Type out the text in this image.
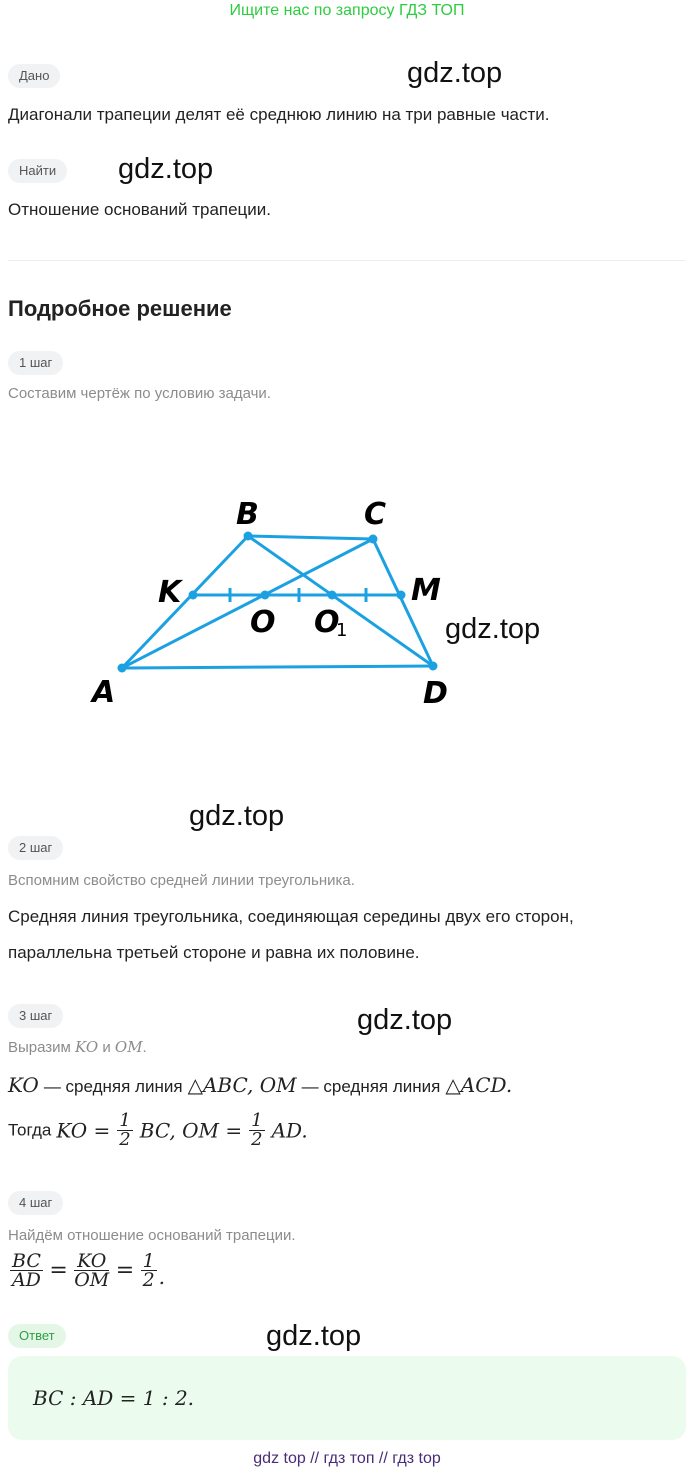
Ищите нас по запросу ГДЗ ТОП
Дано	gdz.top
Диагонали трапеции делят её среднюю линию на три равные части.
Найти	gdz.top
Отношение оснований трапеции.
Подробное решение
1 шаг
Составим чертёж по условию задачи.
A
B	C
D
K	M
O O
1	gdz.top
gdz.top
2 шаг
Вспомним свойство средней линии треугольника.
Средняя линия треугольника, соединяющая середины двух его сторон,
параллельна третьей стороне и равна их половине.
3 шаг	gdz.top
Выразим KO и OM.
KO — средняя линия △ABC, OM — средняя линия △ACD.
Тогда KO = $\frac{1}{2}$ BC, OM = $\frac{1}{2}$ AD.
4 шаг
Найдём отношение оснований трапеции.
$\frac{BC}{AD} = \frac{KO}{OM} = \frac{1}{2}$ .
Ответ	gdz.top
BC : AD = 1 : 2.
gdz top // гдз топ // гдз top
